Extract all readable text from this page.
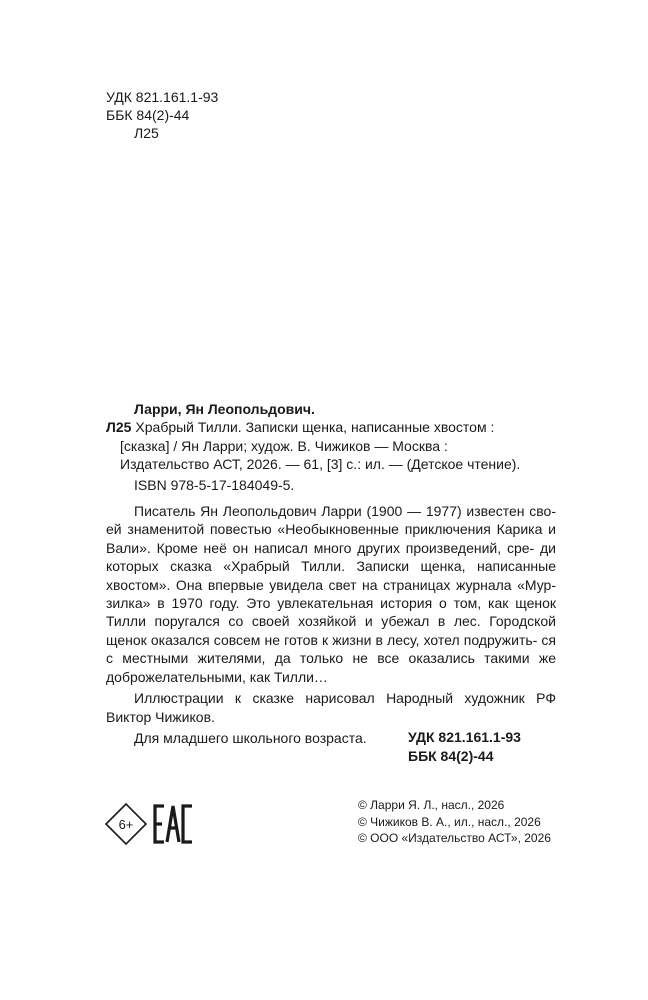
УДК 821.161.1-93
ББК 84(2)-44
Л25
Ларри, Ян Леопольдович.
Л25 Храбрый Тилли. Записки щенка, написанные хвостом :
[сказка] / Ян Ларри; худож. В. Чижиков — Москва :
Издательство АСТ, 2026. — 61, [3] с.: ил. — (Детское чтение).
ISBN 978-5-17-184049-5.
Писатель Ян Леопольдович Ларри (1900 — 1977) известен сво- ей знаменитой повестью «Необыкновенные приключения Карика и Вали». Кроме неё он написал много других произведений, сре- ди которых сказка «Храбрый Тилли. Записки щенка, написанные хвостом». Она впервые увидела свет на страницах журнала «Мур- зилка» в 1970 году. Это увлекательная история о том, как щенок Тилли поругался со своей хозяйкой и убежал в лес. Городской щенок оказался совсем не готов к жизни в лесу, хотел подружить- ся с местными жителями, да только не все оказались такими же доброжелательными, как Тилли…
Иллюстрации к сказке нарисовал Народный художник РФ Виктор Чижиков.
Для младшего школьного возраста.	УДК 821.161.1-93
ББК 84(2)-44
6+
© Ларри Я. Л., насл., 2026
© Чижиков В. А., ил., насл., 2026
© ООО «Издательство АСТ», 2026
